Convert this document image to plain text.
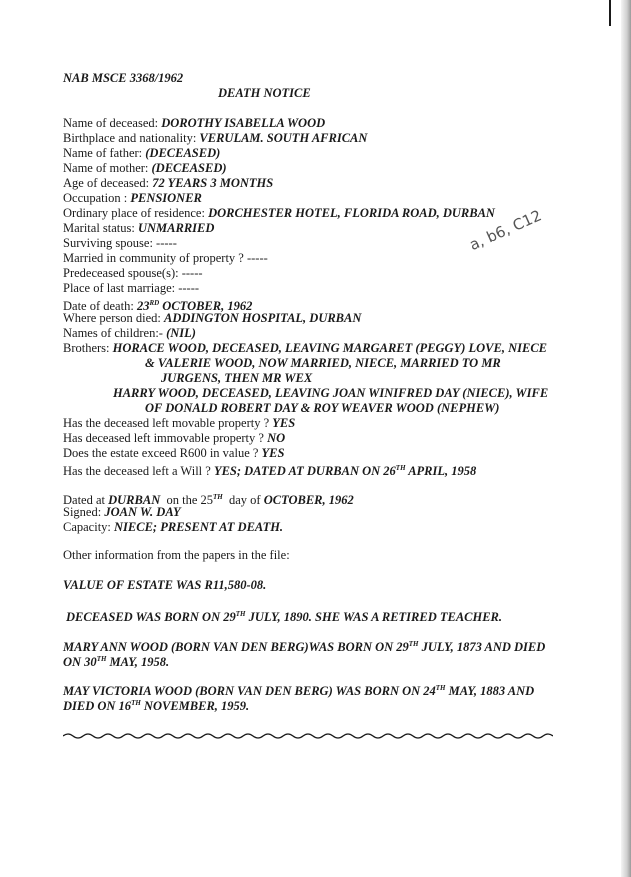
NAB MSCE 3368/1962
DEATH NOTICE
a, b6, C12
Name of deceased: DOROTHY ISABELLA WOOD
Birthplace and nationality: VERULAM. SOUTH AFRICAN
Name of father: (DECEASED)
Name of mother: (DECEASED)
Age of deceased: 72 YEARS 3 MONTHS
Occupation : PENSIONER
Ordinary place of residence: DORCHESTER HOTEL, FLORIDA ROAD, DURBAN
Marital status: UNMARRIED
Surviving spouse: -----
Married in community of property ? -----
Predeceased spouse(s): -----
Place of last marriage: -----
Date of death: 23RD OCTOBER, 1962
Where person died: ADDINGTON HOSPITAL, DURBAN
Names of children:- (NIL)
Brothers: HORACE WOOD, DECEASED, LEAVING MARGARET (PEGGY) LOVE, NIECE
& VALERIE WOOD, NOW MARRIED, NIECE, MARRIED TO MR
JURGENS, THEN MR WEX
HARRY WOOD, DECEASED, LEAVING JOAN WINIFRED DAY (NIECE), WIFE
OF DONALD ROBERT DAY & ROY WEAVER WOOD (NEPHEW)
Has the deceased left movable property ? YES
Has deceased left immovable property ? NO
Does the estate exceed R600 in value ? YES
Has the deceased left a Will ? YES; DATED AT DURBAN ON 26TH APRIL, 1958
Dated at DURBAN  on the 25TH  day of OCTOBER, 1962
Signed: JOAN W. DAY
Capacity: NIECE; PRESENT AT DEATH.
Other information from the papers in the file:
VALUE OF ESTATE WAS R11,580-08.
DECEASED WAS BORN ON 29TH JULY, 1890. SHE WAS A RETIRED TEACHER.
MARY ANN WOOD (BORN VAN DEN BERG)WAS BORN ON 29TH JULY, 1873 AND DIED
ON 30TH MAY, 1958.
MAY VICTORIA WOOD (BORN VAN DEN BERG) WAS BORN ON 24TH MAY, 1883 AND
DIED ON 16TH NOVEMBER, 1959.
